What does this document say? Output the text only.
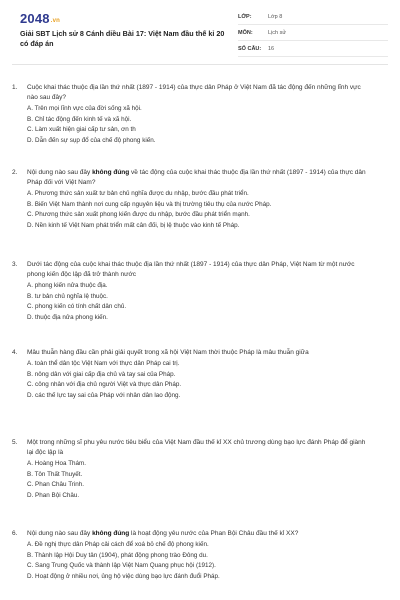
2048.vn
Giải SBT Lịch sử 8 Cánh diều Bài 17: Việt Nam đầu thế kỉ 20 có đáp án
LỚP:	Lớp 8
MÔN:	Lịch sử
SỐ CÂU:	16
1.	Cuộc khai thác thuộc địa lần thứ nhất (1897 - 1914) của thực dân Pháp ở Việt Nam đã tác động đến những lĩnh vực nào sau đây?
A. Trên mọi lĩnh vực của đời sống xã hội.
B. Chỉ tác động đến kinh tế và xã hội.
C. Làm xuất hiện giai cấp tư sản, ơn th
D. Dẫn đến sự sụp đổ của chế độ phong kiến.
2.	Nội dung nào sau đây không đúng về tác động của cuộc khai thác thuộc địa lần thứ nhất (1897 - 1914) của thực dân Pháp đối với Việt Nam?
A. Phương thức sản xuất tư bản chủ nghĩa được du nhập, bước đầu phát triển.
B. Biến Việt Nam thành nơi cung cấp nguyên liệu và thị trường tiêu thụ của nước Pháp.
C. Phương thức sản xuất phong kiến được du nhập, bước đầu phát triển mạnh.
D. Nền kinh tế Việt Nam phát triển mất cân đối, bị lệ thuộc vào kinh tế Pháp.
3.	Dưới tác động của cuộc khai thác thuộc địa lần thứ nhất (1897 - 1914) của thực dân Pháp, Việt Nam từ một nước phong kiến độc lập đã trở thành nước
A. phong kiến nửa thuộc địa.
B. tư bản chủ nghĩa lệ thuộc.
C. phong kiến có tính chất dân chủ.
D. thuộc địa nửa phong kiến.
4.	Mâu thuẫn hàng đầu cần phải giải quyết trong xã hội Việt Nam thời thuộc Pháp là mâu thuẫn giữa
A. toàn thể dân tộc Việt Nam với thực dân Pháp cai trị.
B. nông dân với giai cấp địa chủ và tay sai của Pháp.
C. công nhân với địa chủ người Việt và thực dân Pháp.
D. các thế lực tay sai của Pháp với nhân dân lao động.
5.	Một trong những sĩ phu yêu nước tiêu biểu của Việt Nam đầu thế kỉ XX chủ trương dùng bạo lực đánh Pháp để giành lại độc lập là
A. Hoàng Hoa Thám.
B. Tôn Thất Thuyết.
C. Phan Châu Trinh.
D. Phan Bội Châu.
6.	Nội dung nào sau đây không đúng là hoạt động yêu nước của Phan Bội Châu đầu thế kỉ XX?
A. Đề nghị thực dân Pháp cải cách để xoá bỏ chế độ phong kiến.
B. Thành lập Hội Duy tân (1904), phát động phong trào Đông du.
C. Sang Trung Quốc và thành lập Việt Nam Quang phục hội (1912).
D. Hoạt động ở nhiều nơi, ủng hộ việc dùng bạo lực đánh đuổi Pháp.
